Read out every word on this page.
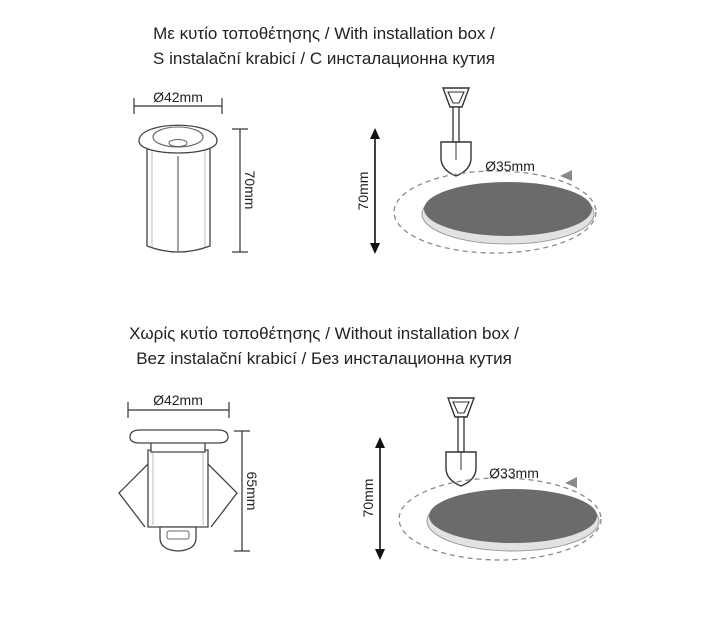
Με κυτίο τοποθέτησης / With installation box /
S instalační krabicí / С инсталационна кутия
Ø42mm
70mm	70mm
Ø35mm
Χωρίς κυτίο τοποθέτησης / Without installation box /
Bez instalační krabicí / Без инсталационна кутия
Ø42mm
65mm	70mm
Ø33mm
